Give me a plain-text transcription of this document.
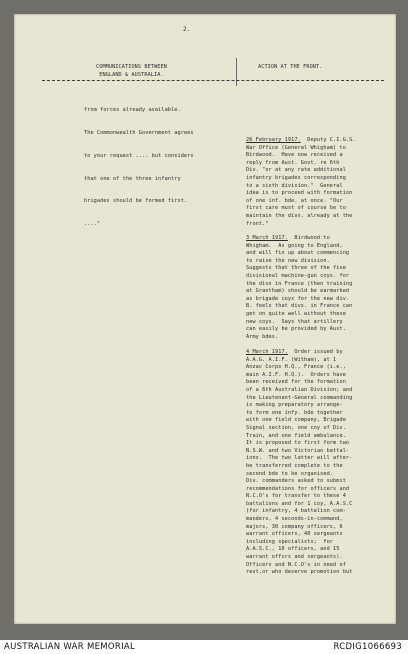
2.
COMMUNICATIONS BETWEEN
ENGLAND & AUSTRALIA.
ACTION AT THE FRONT.

from forces already available.

The Commonwealth Government agrees

to your request .... but considers

that one of the three infantry

brigades should be formed first.

...."

26 February 1917.  Deputy C.I.G.S.
War Office (General Whigham) to
Birdwood.  Have now received a
reply from Aust. Govt. re 6th
Div. "or at any rate additional
infantry brigades corresponding
to a sixth division."  General
idea is to proceed with formation
of one inf. bde. at once. "Our
first care must of course be to
maintain the divs. already at the
front."
3 March 1917.  Birdwood to
Whigham.  As going to England,
and will fix up about commencing
to raise the new division.
Suggests that three of the five
divisional machine-gun coys. for
the divs in France (then training
at Grantham) should be earmarked
as brigade coys for the new div.
B. feels that divs. in France can
get on quite well without these
new coys.  Says that artillery
can easily be provided by Aust.
Army bdes.
4 March 1917.  Order issued by
A.A.G. A.I.F. (Witham), at 1
Anzac Corps H.Q., France (i.e.,
main A.I.F. H.Q.).  Orders have
been received for the formation
of a 6th Australian Division; and
the Lieutenant-General commanding
is making preparatory arrange-
to form one infy. bde together
with one field company, Brigade
Signal section, one coy of Div.
Train, and one field ambulance.
It is proposed to first form two
N.S.W. and two Victorian battal-
ions.  The two latter will after-
be transferred complete to the
second bde to be organised.
Div. commanders asked to submit
recommendations for officers and
N.C.O's for transfer to these 4
battalions and for 1 coy, A.A.S.C
(for infantry, 4 battalion com-
manders, 4 seconds-in-command,
majors, 30 company officers, 6
warrant officers, 40 sergeants
including specialists;  for
A.A.S.C., 10 officers, and 15
warrant offcrs and sergeants).
Officers and N.C.O's in need of
rest,or who deserve promotion but
AUSTRALIAN WAR MEMORIAL	RCDIG1066693
